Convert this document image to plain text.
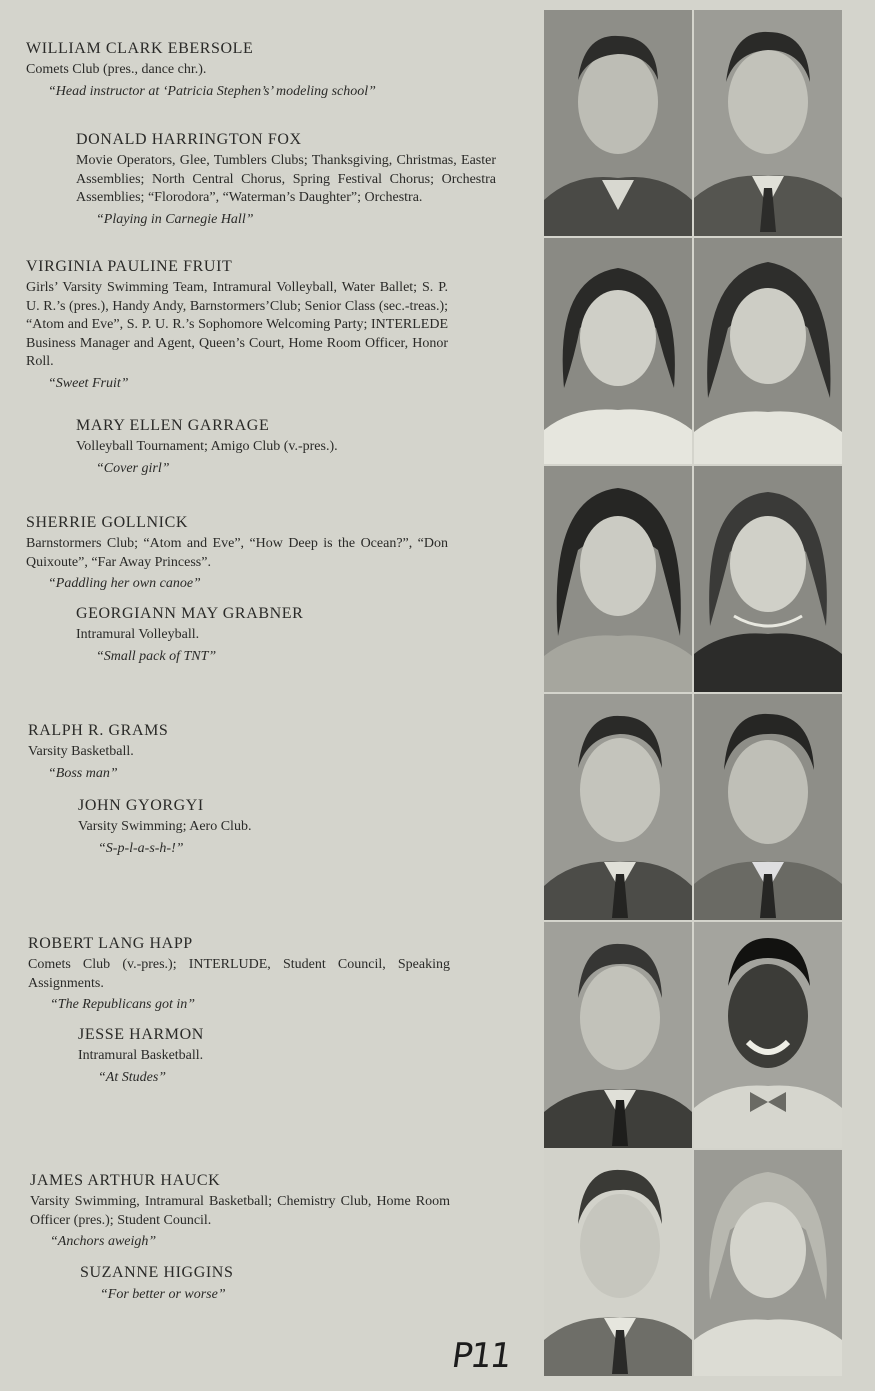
WILLIAM CLARK EBERSOLE
Comets Club (pres., dance chr.).
“Head instructor at ‘Patricia Stephen’s’ modeling school”
DONALD HARRINGTON FOX
Movie Operators, Glee, Tumblers Clubs; Thanksgiving, Christmas, Easter Assemblies; North Central Chorus, Spring Festival Chorus; Orchestra Assemblies; “Florodora”, “Waterman’s Daughter”; Orchestra.
“Playing in Carnegie Hall”
VIRGINIA PAULINE FRUIT
Girls’ Varsity Swimming Team, Intramural Volleyball, Water Ballet; S. P. U. R.’s (pres.), Handy Andy, Barnstormers’Club; Senior Class (sec.-treas.); “Atom and Eve”, S. P. U. R.’s Sophomore Welcoming Party; INTERLEDE Business Manager and Agent, Queen’s Court, Home Room Officer, Honor Roll.
“Sweet Fruit”
MARY ELLEN GARRAGE
Volleyball Tournament; Amigo Club (v.-pres.).
“Cover girl”
SHERRIE GOLLNICK
Barnstormers Club; “Atom and Eve”, “How Deep is the Ocean?”, “Don Quixoute”, “Far Away Princess”.
“Paddling her own canoe”
GEORGIANN MAY GRABNER
Intramural Volleyball.
“Small pack of TNT”
RALPH R. GRAMS
Varsity Basketball.
“Boss man”
JOHN GYORGYI
Varsity Swimming; Aero Club.
“S-p-l-a-s-h-!”
ROBERT LANG HAPP
Comets Club (v.-pres.); INTERLUDE, Student Council, Speaking Assignments.
“The Republicans got in”
JESSE HARMON
Intramural Basketball.
“At Studes”
JAMES ARTHUR HAUCK
Varsity Swimming, Intramural Basketball; Chemistry Club, Home Room Officer (pres.); Student Council.
“Anchors aweigh”
SUZANNE HIGGINS
“For better or worse”
P11
